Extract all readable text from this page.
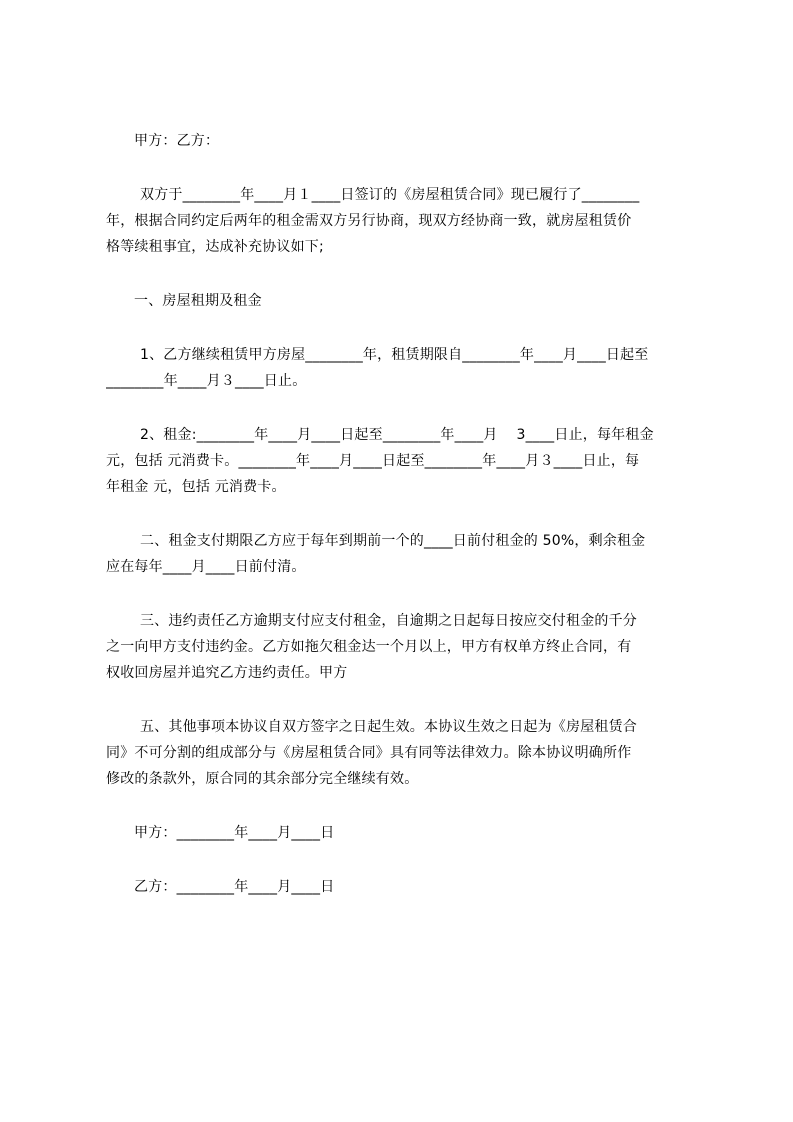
甲方：乙方：
双方于________年____月１____日签订的《房屋租赁合同》现已履行了________
年，根据合同约定后两年的租金需双方另行协商，现双方经协商一致，就房屋租赁价
格等续租事宜，达成补充协议如下;
一、房屋租期及租金
1、乙方继续租赁甲方房屋________年，租赁期限自________年____月____日起至
________年____月３____日止。
2、租金:________年____月____日起至________年____月　 3____日止，每年租金
元，包括 元消费卡。________年____月____日起至________年____月３____日止，每
年租金 元，包括 元消费卡。
二、租金支付期限乙方应于每年到期前一个的____日前付租金的 50%，剩余租金
应在每年____月____日前付清。
三、违约责任乙方逾期支付应支付租金，自逾期之日起每日按应交付租金的千分
之一向甲方支付违约金。乙方如拖欠租金达一个月以上，甲方有权单方终止合同，有
权收回房屋并追究乙方违约责任。甲方
五、其他事项本协议自双方签字之日起生效。本协议生效之日起为《房屋租赁合
同》不可分割的组成部分与《房屋租赁合同》具有同等法律效力。除本协议明确所作
修改的条款外，原合同的其余部分完全继续有效。
甲方：________年____月____日
乙方：________年____月____日
